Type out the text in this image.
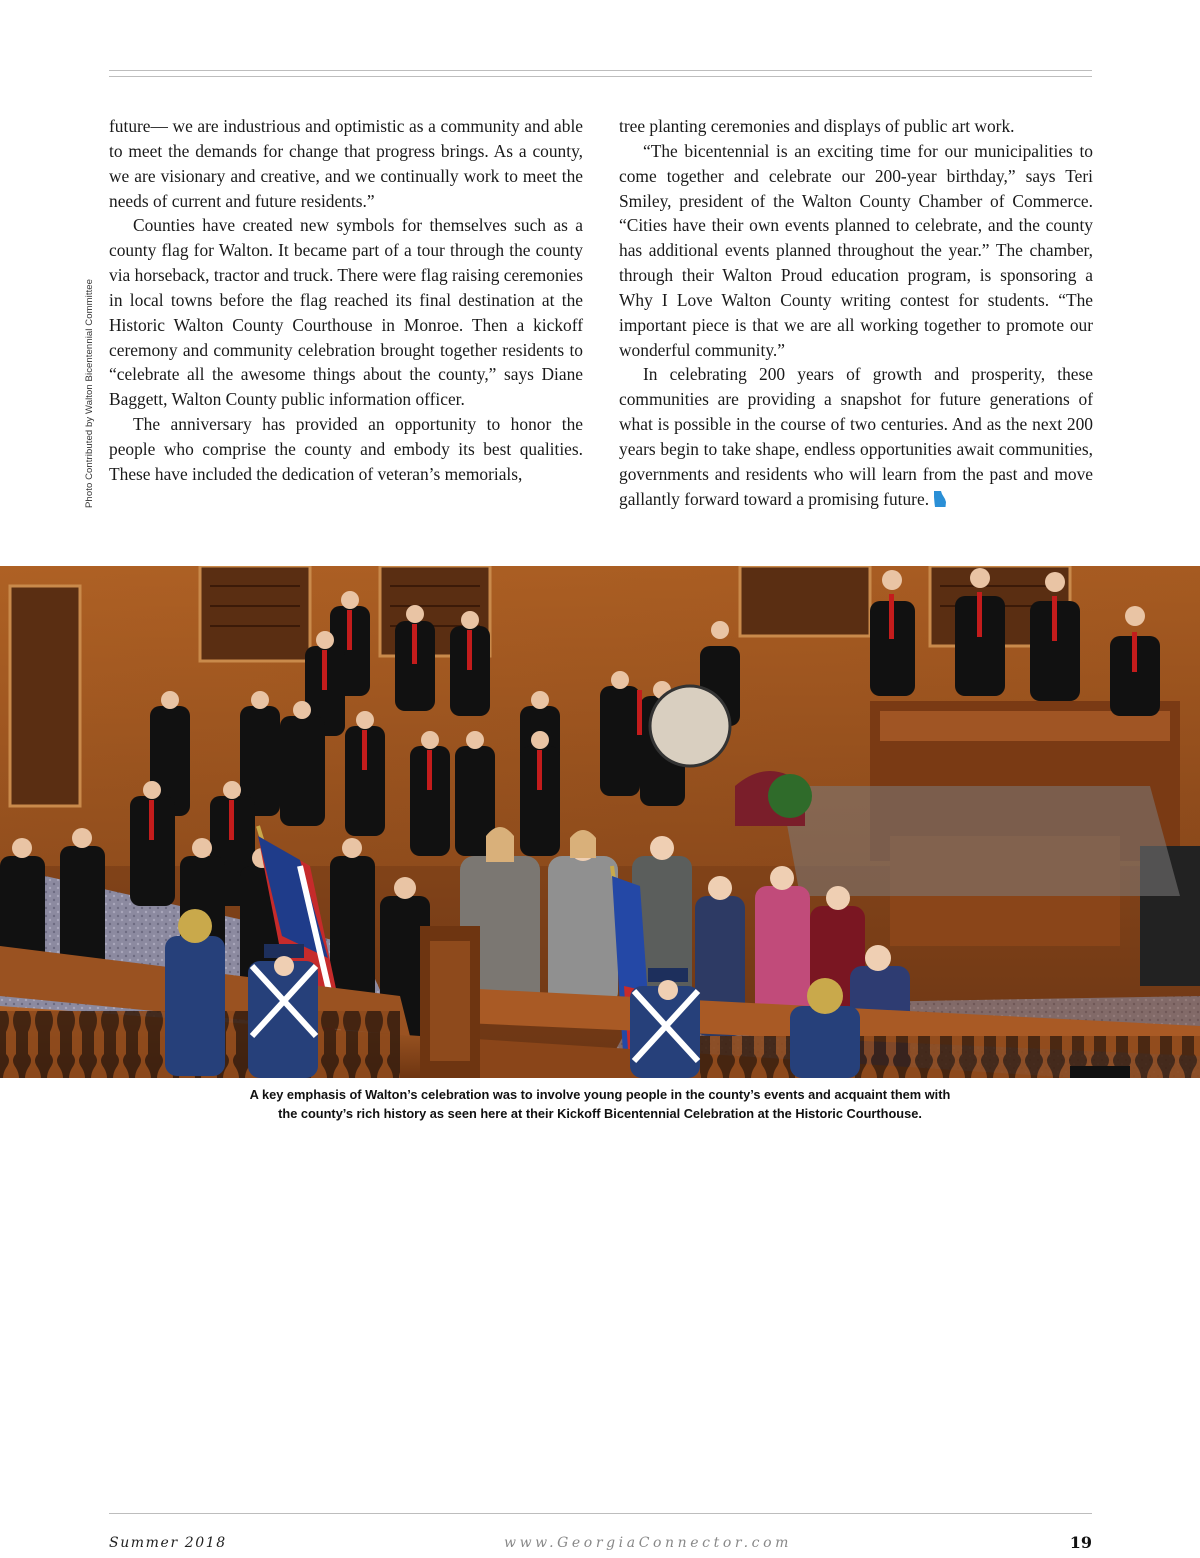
future— we are industrious and optimistic as a community and able to meet the demands for change that progress brings. As a county, we are visionary and creative, and we continually work to meet the needs of current and future residents.”

Counties have created new symbols for themselves such as a county flag for Walton. It became part of a tour through the county via horseback, tractor and truck. There were flag raising ceremonies in local towns before the flag reached its final destination at the Historic Walton County Courthouse in Monroe. Then a kickoff ceremony and community celebration brought together residents to “celebrate all the awesome things about the county,” says Diane Baggett, Walton County public information officer.

The anniversary has provided an opportunity to honor the people who comprise the county and embody its best qualities. These have included the dedication of veteran’s memorials,

tree planting ceremonies and displays of public art work.

“The bicentennial is an exciting time for our municipalities to come together and celebrate our 200-year birthday,” says Teri Smiley, president of the Walton County Chamber of Commerce. “Cities have their own events planned to celebrate, and the county has additional events planned throughout the year.” The chamber, through their Walton Proud education program, is sponsoring a Why I Love Walton County writing contest for students. “The important piece is that we are all working together to promote our wonderful community.”

In celebrating 200 years of growth and prosperity, these communities are providing a snapshot for future generations of what is possible in the course of two centuries. And as the next 200 years begin to take shape, endless opportunities await communities, governments and residents who will learn from the past and move gallantly forward toward a promising future.

Photo Contributed by Walton Bicentennial Committee
A key emphasis of Walton’s celebration was to involve young people in the county’s events and acquaint them with
the county’s rich history as seen here at their Kickoff Bicentennial Celebration at the Historic Courthouse.
Summer 2018	www.GeorgiaConnector.com	19
